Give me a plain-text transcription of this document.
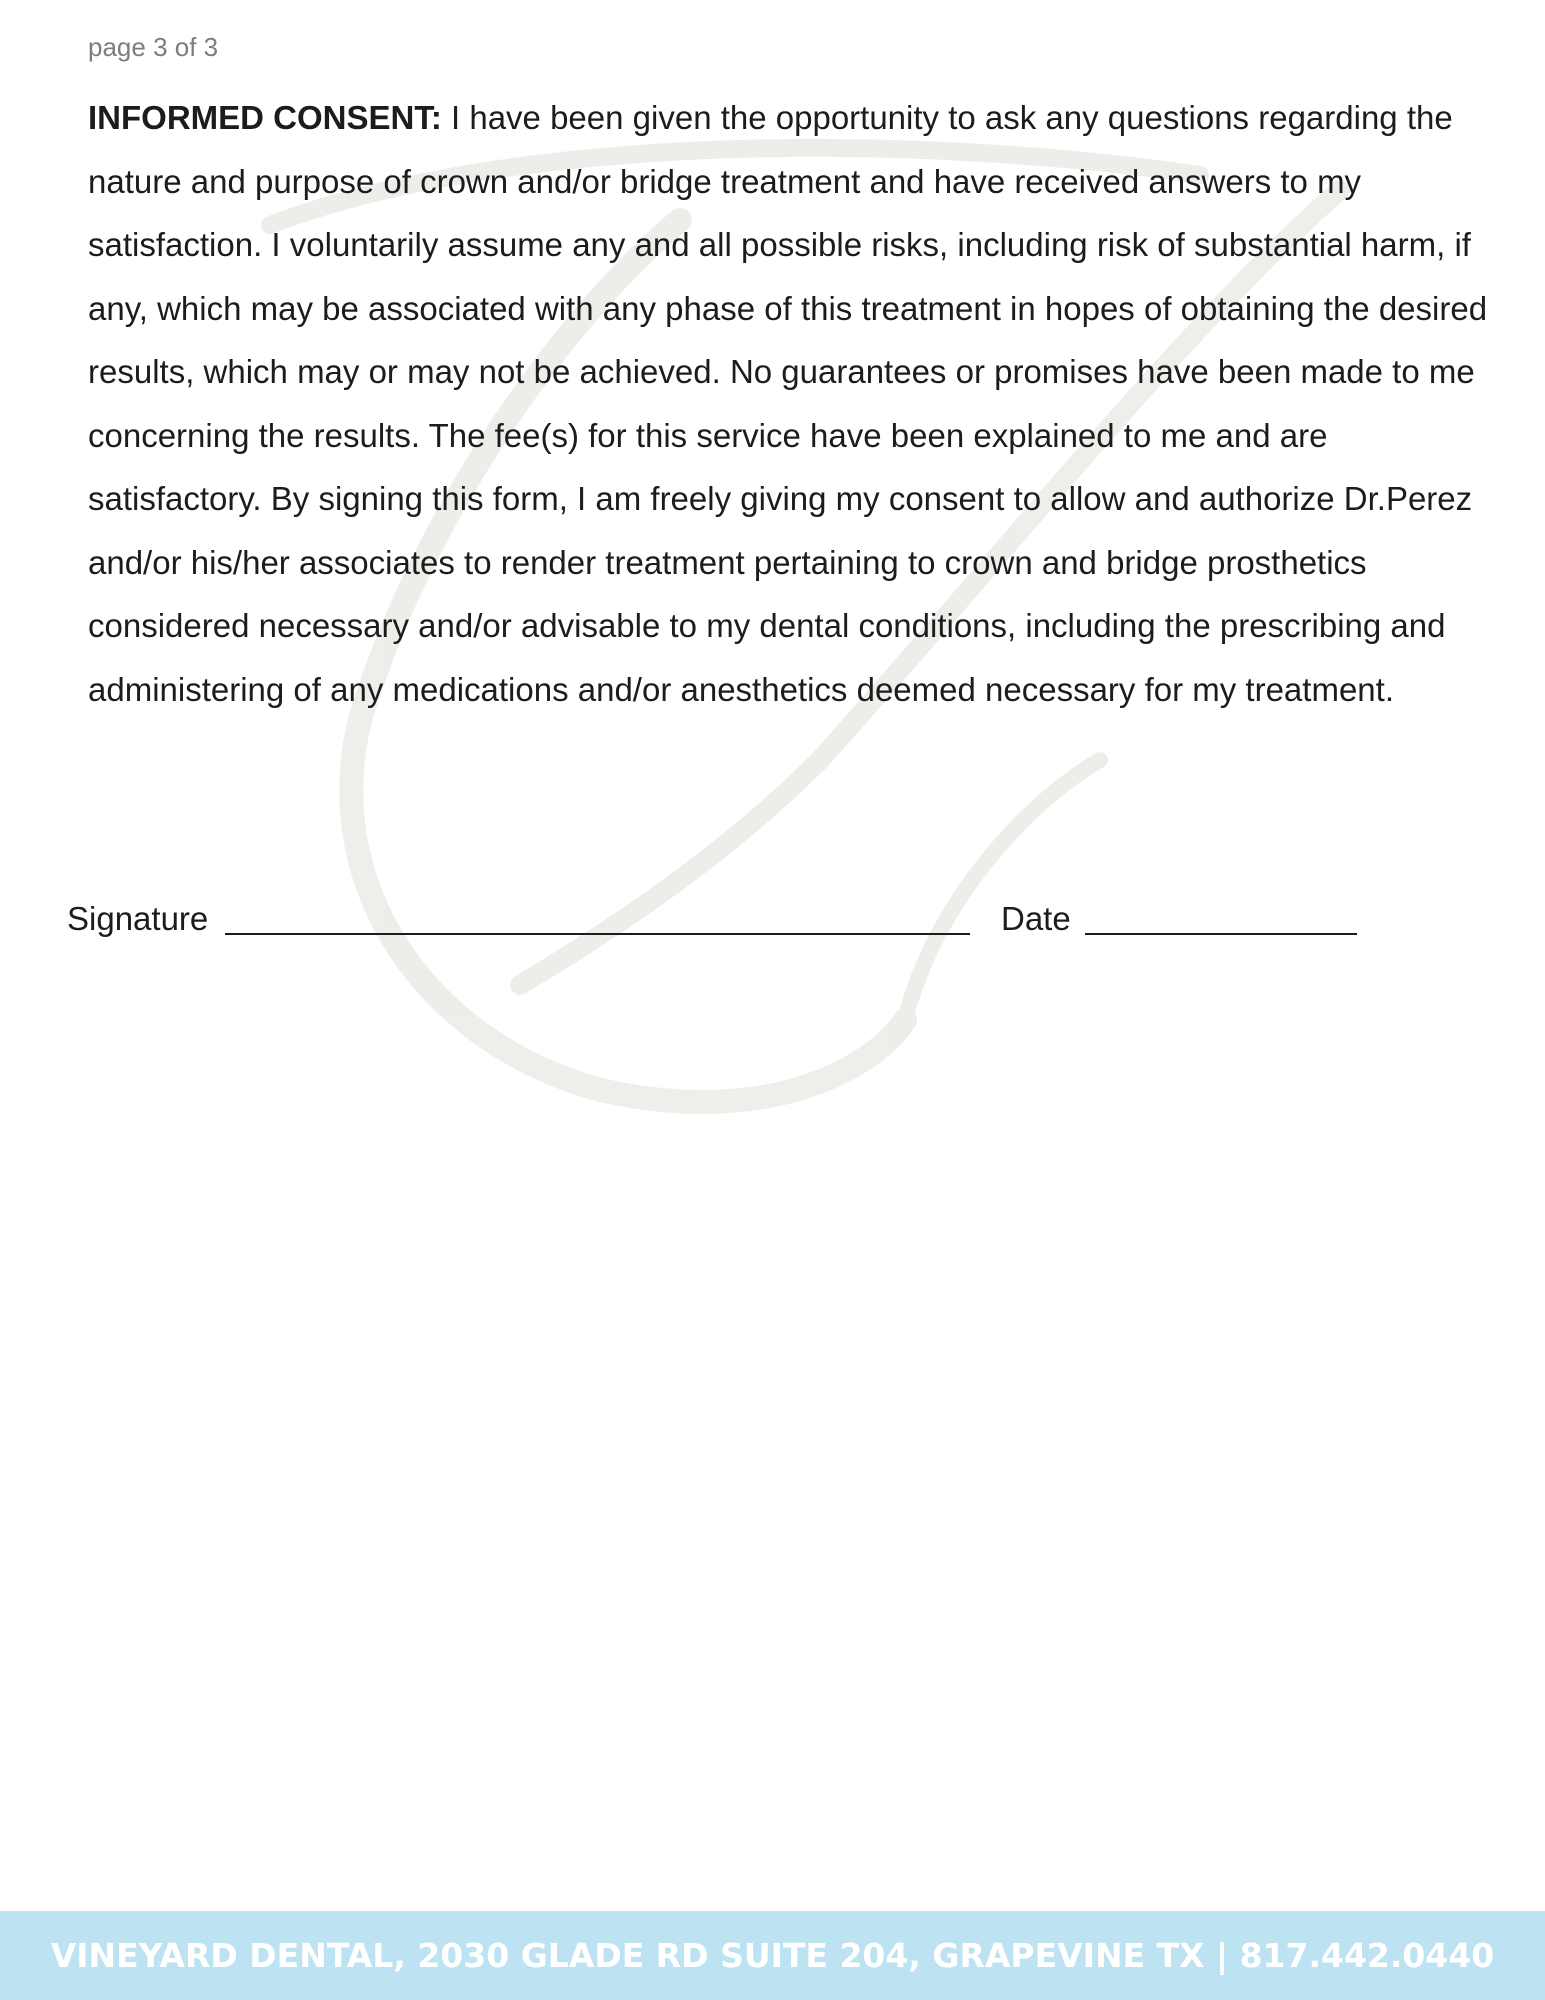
page 3 of 3

INFORMED CONSENT: I have been given the opportunity to ask any questions regarding the nature and purpose of crown and/or bridge treatment and have received answers to my satisfaction. I voluntarily assume any and all possible risks, including risk of substantial harm, if any, which may be associated with any phase of this treatment in hopes of obtaining the desired results, which may or may not be achieved. No guarantees or promises have been made to me concerning the results. The fee(s) for this service have been explained to me and are satisfactory. By signing this form, I am freely giving my consent to allow and authorize Dr.Perez and/or his/her associates to render treatment pertaining to crown and bridge prosthetics considered necessary and/or advisable to my dental conditions, including the prescribing and administering of any medications and/or anesthetics deemed necessary for my treatment.

Signature	Date
VINEYARD DENTAL, 2030 GLADE RD SUITE 204, GRAPEVINE TX | 817.442.0440
